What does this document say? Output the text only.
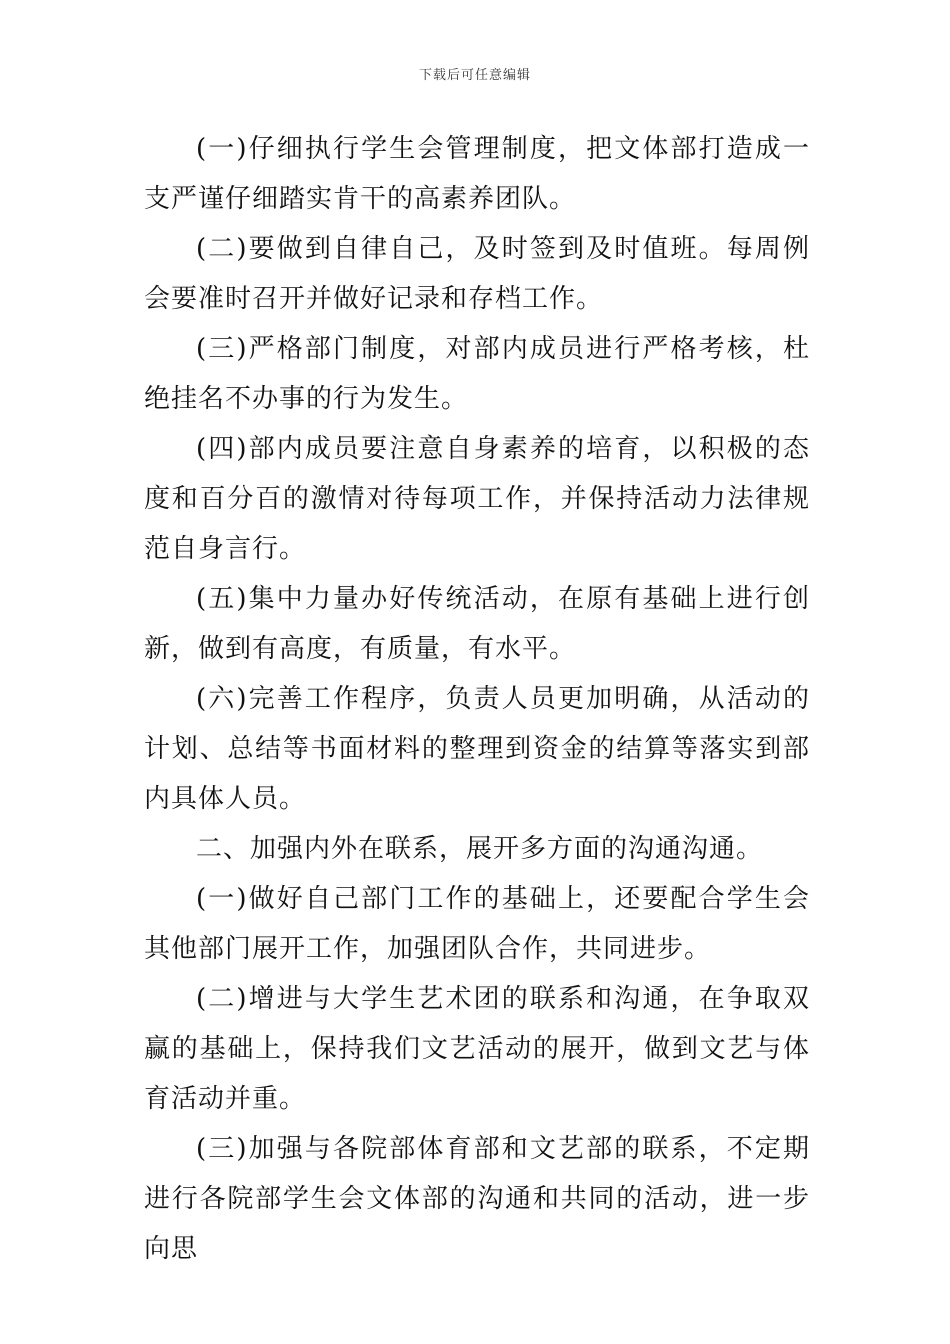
下载后可任意编辑

(一)仔细执行学生会管理制度，把文体部打造成一支严谨仔细踏实肯干的高素养团队。

(二)要做到自律自己，及时签到及时值班。每周例会要准时召开并做好记录和存档工作。

(三)严格部门制度，对部内成员进行严格考核，杜绝挂名不办事的行为发生。

(四)部内成员要注意自身素养的培育，以积极的态度和百分百的激情对待每项工作，并保持活动力法律规范自身言行。

(五)集中力量办好传统活动，在原有基础上进行创新，做到有高度，有质量，有水平。

(六)完善工作程序，负责人员更加明确，从活动的计划、总结等书面材料的整理到资金的结算等落实到部内具体人员。

二、加强内外在联系，展开多方面的沟通沟通。

(一)做好自己部门工作的基础上，还要配合学生会其他部门展开工作，加强团队合作，共同进步。

(二)增进与大学生艺术团的联系和沟通，在争取双赢的基础上，保持我们文艺活动的展开，做到文艺与体育活动并重。

(三)加强与各院部体育部和文艺部的联系，不定期进行各院部学生会文体部的沟通和共同的活动，进一步向思
